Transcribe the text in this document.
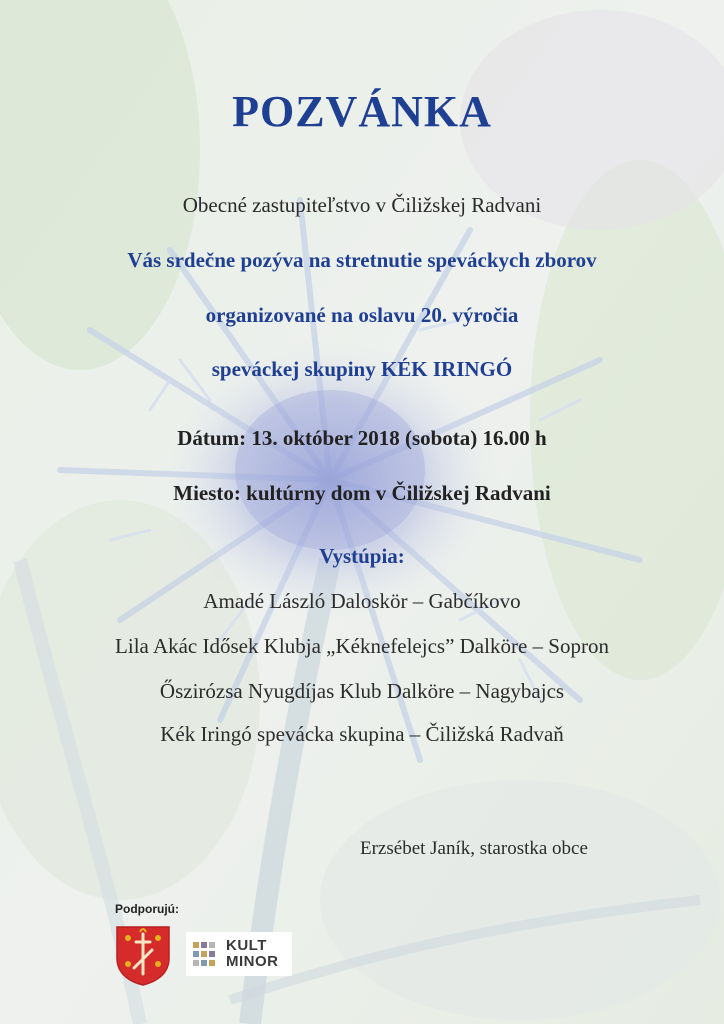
POZVÁNKA
Obecné zastupiteľstvo v Čiližskej Radvani
Vás srdečne pozýva na stretnutie speváckych zborov
organizované na oslavu 20. výročia
speváckej skupiny KÉK IRINGÓ
Dátum: 13. október 2018 (sobota) 16.00 h
Miesto: kultúrny dom v Čiližskej Radvani
Vystúpia:
Amadé László Daloskör – Gabčíkovo
Lila Akác Idősek Klubja „Kéknefelejcs” Dalköre – Sopron
Őszirózsa Nyugdíjas Klub Dalköre – Nagybajcs
Kék Iringó spevácka skupina – Čiližská Radvaň
Erzsébet Janík, starostka obce
Podporujú:
KULT MINOR
